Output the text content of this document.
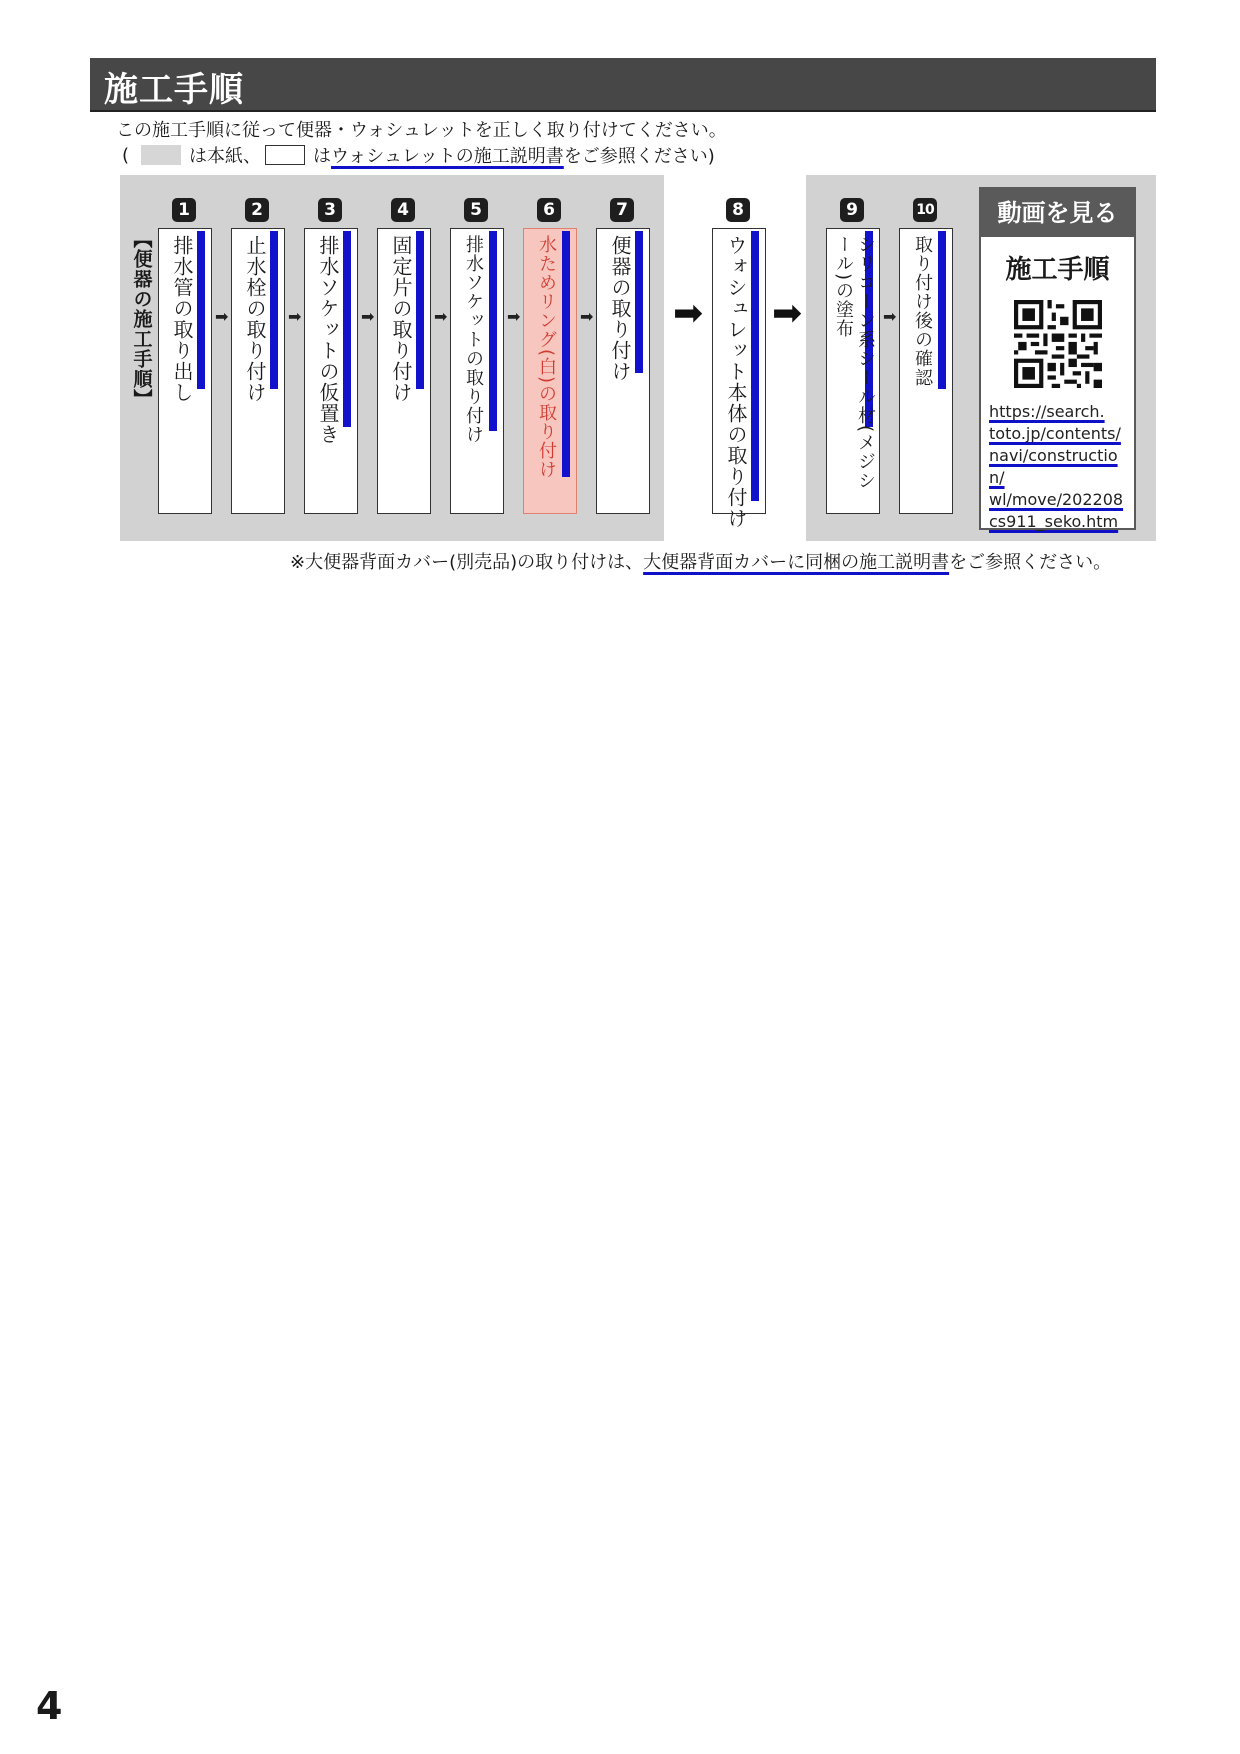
施工手順
この施工手順に従って便器・ウォシュレットを正しく取り付けてください。
(	は本紙、	は ウォシュレットの施工説明書 をご参照ください)
【便器の施工手順】
1
排水管の取り出し ➡
2
止水栓の取り付け ➡
3
排水ソケットの仮置き ➡
4
固定片の取り付け ➡
5
排水ソケットの取り付け ➡
6
水ためリング(白)の取り付け ➡
7
便器の取り付け ➡
8
ウォシュレット本体の取り付け ➡
9
シリコーン系シール材(メジシール)の塗布	➡
10
取り付け後の確認
動画を見る
施工手順
https://search.
toto.jp/contents/
navi/construction/
wl/move/202208
cs911_seko.htm
※大便器背面カバー(別売品)の取り付けは、大便器背面カバーに同梱の施工説明書をご参照ください。
4
